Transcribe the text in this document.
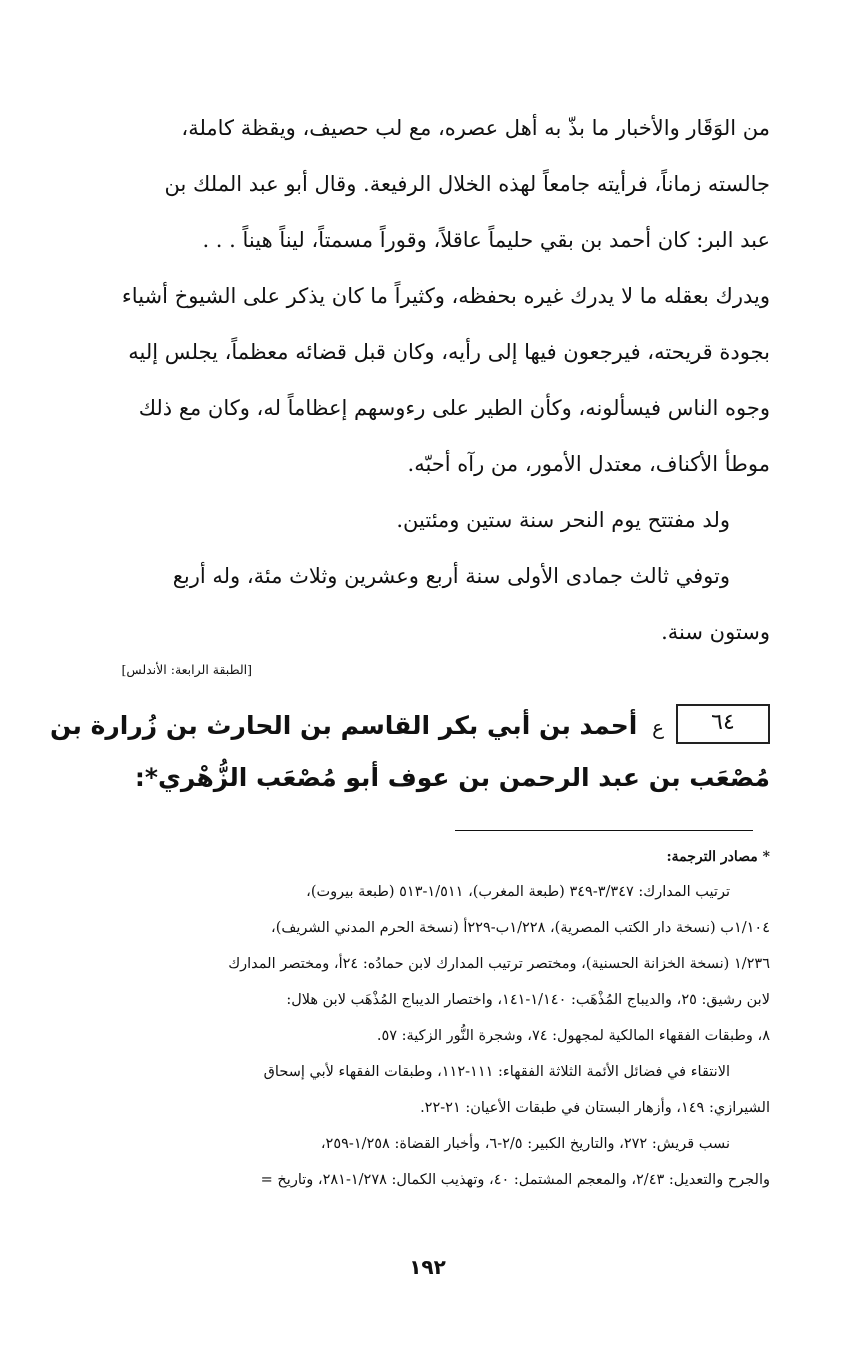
من الوَقَار والأخبار ما بذّ به أهل عصره، مع لب حصيف، ويقظة كاملة،
جالسته زماناً، فرأيته جامعاً لهذه الخلال الرفيعة. وقال أبو عبد الملك بن
عبد البر: كان أحمد بن بقي حليماً عاقلاً، وقوراً مسمتاً، ليناً هيناً . . .
ويدرك بعقله ما لا يدرك غيره بحفظه، وكثيراً ما كان يذكر على الشيوخ أشياء
بجودة قريحته، فيرجعون فيها إلى رأيه، وكان قبل قضائه معظماً، يجلس إليه
وجوه الناس فيسألونه، وكأن الطير على رءوسهم إعظاماً له، وكان مع ذلك
موطأ الأكناف، معتدل الأمور، من رآه أحبّه.
ولد مفتتح يوم النحر سنة ستين ومئتين.
وتوفي ثالث جمادى الأولى سنة أربع وعشرين وثلاث مئة، وله أربع
وستون سنة.
[الطبقة الرابعة: الأندلس]
٦٤ع أحمد بن أبي بكر القاسم بن الحارث بن زُرارة بن
مُصْعَب بن عبد الرحمن بن عوف أبو مُصْعَب الزُّهْري*:
* مصادر الترجمة:
ترتيب المدارك: ٣/٣٤٧-٣٤٩ (طبعة المغرب)، ١/٥١١-٥١٣ (طبعة بيروت)،
١/١٠٤ب (نسخة دار الكتب المصرية)، ١/٢٢٨ب-٢٢٩أ (نسخة الحرم المدني الشريف)،
١/٢٣٦ (نسخة الخزانة الحسنية)، ومختصر ترتيب المدارك لابن حمادُه: ٢٤أ، ومختصر المدارك
لابن رشيق: ٢٥، والديباج المُذْهَب: ١/١٤٠-١٤١، واختصار الديباج المُذْهَب لابن هلال:
٨، وطبقات الفقهاء المالكية لمجهول: ٧٤، وشجرة النُّور الزكية: ٥٧.
الانتقاء في فضائل الأئمة الثلاثة الفقهاء: ١١١-١١٢، وطبقات الفقهاء لأبي إسحاق
الشيرازي: ١٤٩، وأزهار البستان في طبقات الأعيان: ٢١-٢٢.
نسب قريش: ٢٧٢، والتاريخ الكبير: ٢/٥-٦، وأخبار القضاة: ١/٢٥٨-٢٥٩،
والجرح والتعديل: ٢/٤٣، والمعجم المشتمل: ٤٠، وتهذيب الكمال: ١/٢٧٨-٢٨١، وتاريخ =
١٩٢
